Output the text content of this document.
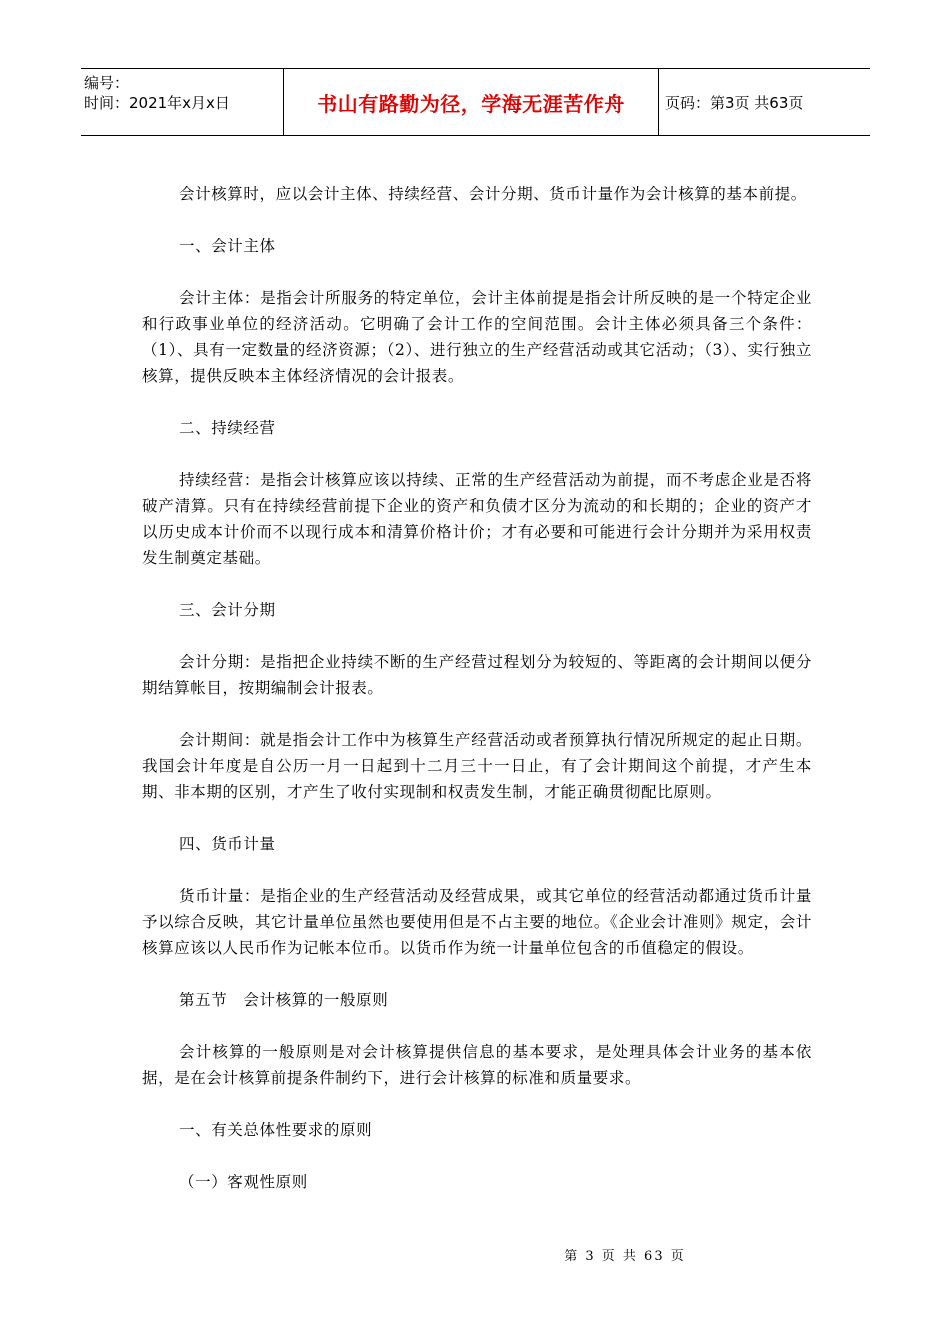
编号：
时间：2021年x月x日	书山有路勤为径，学海无涯苦作舟	页码：第3页 共63页

会计核算时，应以会计主体、持续经营、会计分期、货币计量作为会计核算的基本前提。

一、会计主体

会计主体：是指会计所服务的特定单位，会计主体前提是指会计所反映的是一个特定企业和行政事业单位的经济活动。它明确了会计工作的空间范围。会计主体必须具备三个条件：（1）、具有一定数量的经济资源；（2）、进行独立的生产经营活动或其它活动；（3）、实行独立核算，提供反映本主体经济情况的会计报表。

二、持续经营

持续经营：是指会计核算应该以持续、正常的生产经营活动为前提，而不考虑企业是否将破产清算。只有在持续经营前提下企业的资产和负债才区分为流动的和长期的；企业的资产才以历史成本计价而不以现行成本和清算价格计价；才有必要和可能进行会计分期并为采用权责发生制奠定基础。

三、会计分期

会计分期：是指把企业持续不断的生产经营过程划分为较短的、等距离的会计期间以便分期结算帐目，按期编制会计报表。

会计期间：就是指会计工作中为核算生产经营活动或者预算执行情况所规定的起止日期。我国会计年度是自公历一月一日起到十二月三十一日止，有了会计期间这个前提，才产生本期、非本期的区别，才产生了收付实现制和权责发生制，才能正确贯彻配比原则。

四、货币计量

货币计量：是指企业的生产经营活动及经营成果，或其它单位的经营活动都通过货币计量予以综合反映，其它计量单位虽然也要使用但是不占主要的地位。《企业会计准则》规定，会计核算应该以人民币作为记帐本位币。以货币作为统一计量单位包含的币值稳定的假设。

第五节　会计核算的一般原则

会计核算的一般原则是对会计核算提供信息的基本要求，是处理具体会计业务的基本依据，是在会计核算前提条件制约下，进行会计核算的标准和质量要求。

一、有关总体性要求的原则

（一）客观性原则

第 3 页 共 63 页
